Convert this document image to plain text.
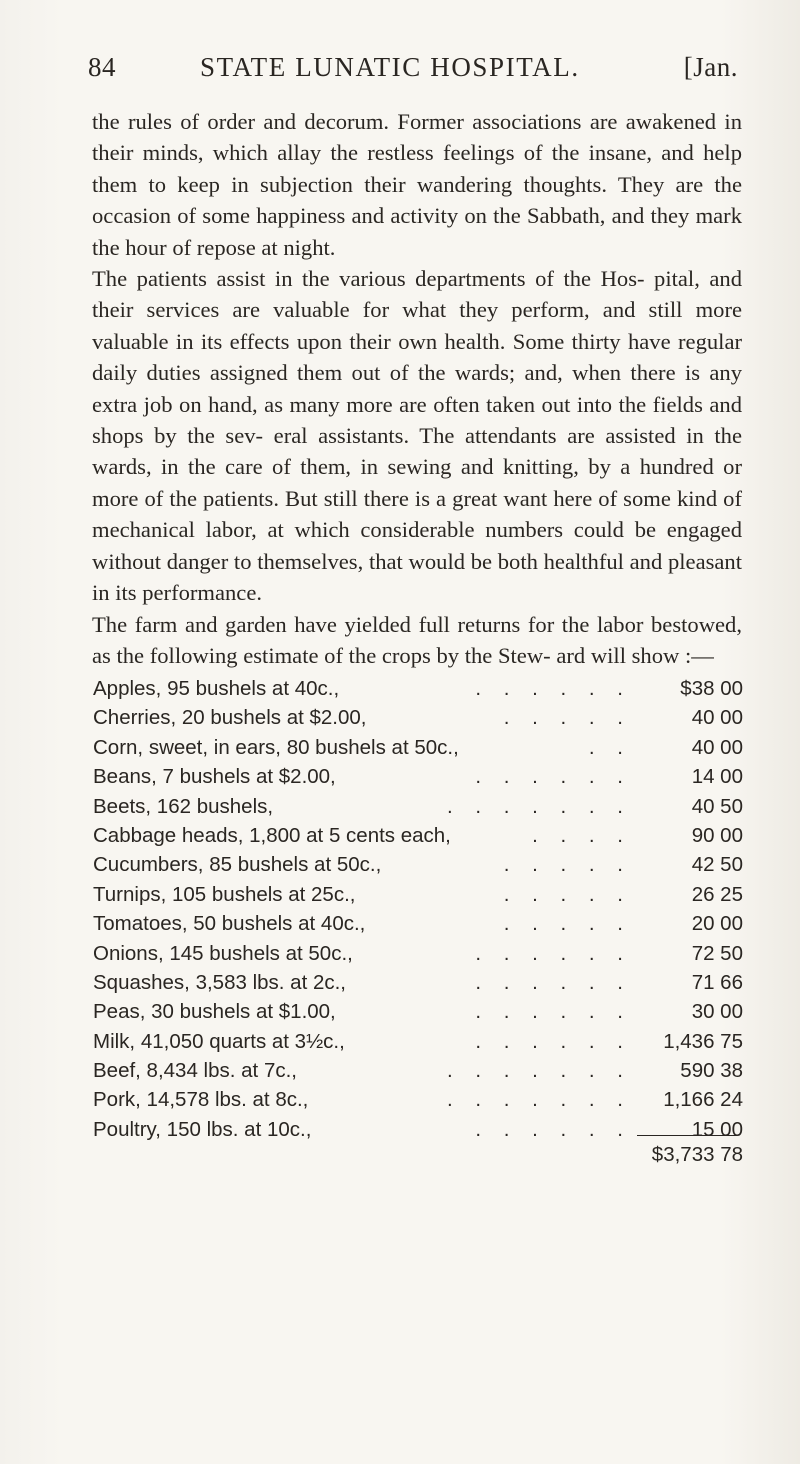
84	STATE LUNATIC HOSPITAL.	[Jan.

the rules of order and decorum. Former associations are awakened in their minds, which allay the restless feelings of the insane, and help them to keep in subjection their wandering thoughts. They are the occasion of some happiness and activity on the Sabbath, and they mark the hour of repose at night.

The patients assist in the various departments of the Hos- pital, and their services are valuable for what they perform, and still more valuable in its effects upon their own health. Some thirty have regular daily duties assigned them out of the wards; and, when there is any extra job on hand, as many more are often taken out into the fields and shops by the sev- eral assistants. The attendants are assisted in the wards, in the care of them, in sewing and knitting, by a hundred or more of the patients. But still there is a great want here of some kind of mechanical labor, at which considerable numbers could be engaged without danger to themselves, that would be both healthful and pleasant in its performance.

The farm and garden have yielded full returns for the labor bestowed, as the following estimate of the crops by the Stew- ard will show :—

. . . . . .
Apples, 95 bushels at 40c.,	$38 00
. . . . .
Cherries, 20 bushels at $2.00,	40 00
. .
Corn, sweet, in ears, 80 bushels at 50c.,	40 00
. . . . . .
Beans, 7 bushels at $2.00,	14 00
. . . . . . .
Beets, 162 bushels,	40 50
. . . .
Cabbage heads, 1,800 at 5 cents each,	90 00
. . . . .
Cucumbers, 85 bushels at 50c.,	42 50
. . . . .
Turnips, 105 bushels at 25c.,	26 25
. . . . .
Tomatoes, 50 bushels at 40c.,	20 00
. . . . . .
Onions, 145 bushels at 50c.,	72 50
. . . . . .
Squashes, 3,583 lbs. at 2c.,	71 66
. . . . . .
Peas, 30 bushels at $1.00,	30 00
. . . . . .
Milk, 41,050 quarts at 3½c.,	1,436 75
. . . . . . .
Beef, 8,434 lbs. at 7c.,	590 38
. . . . . . .
Pork, 14,578 lbs. at 8c.,	1,166 24
. . . . . .
Poultry, 150 lbs. at 10c.,	15 00
$3,733 78
